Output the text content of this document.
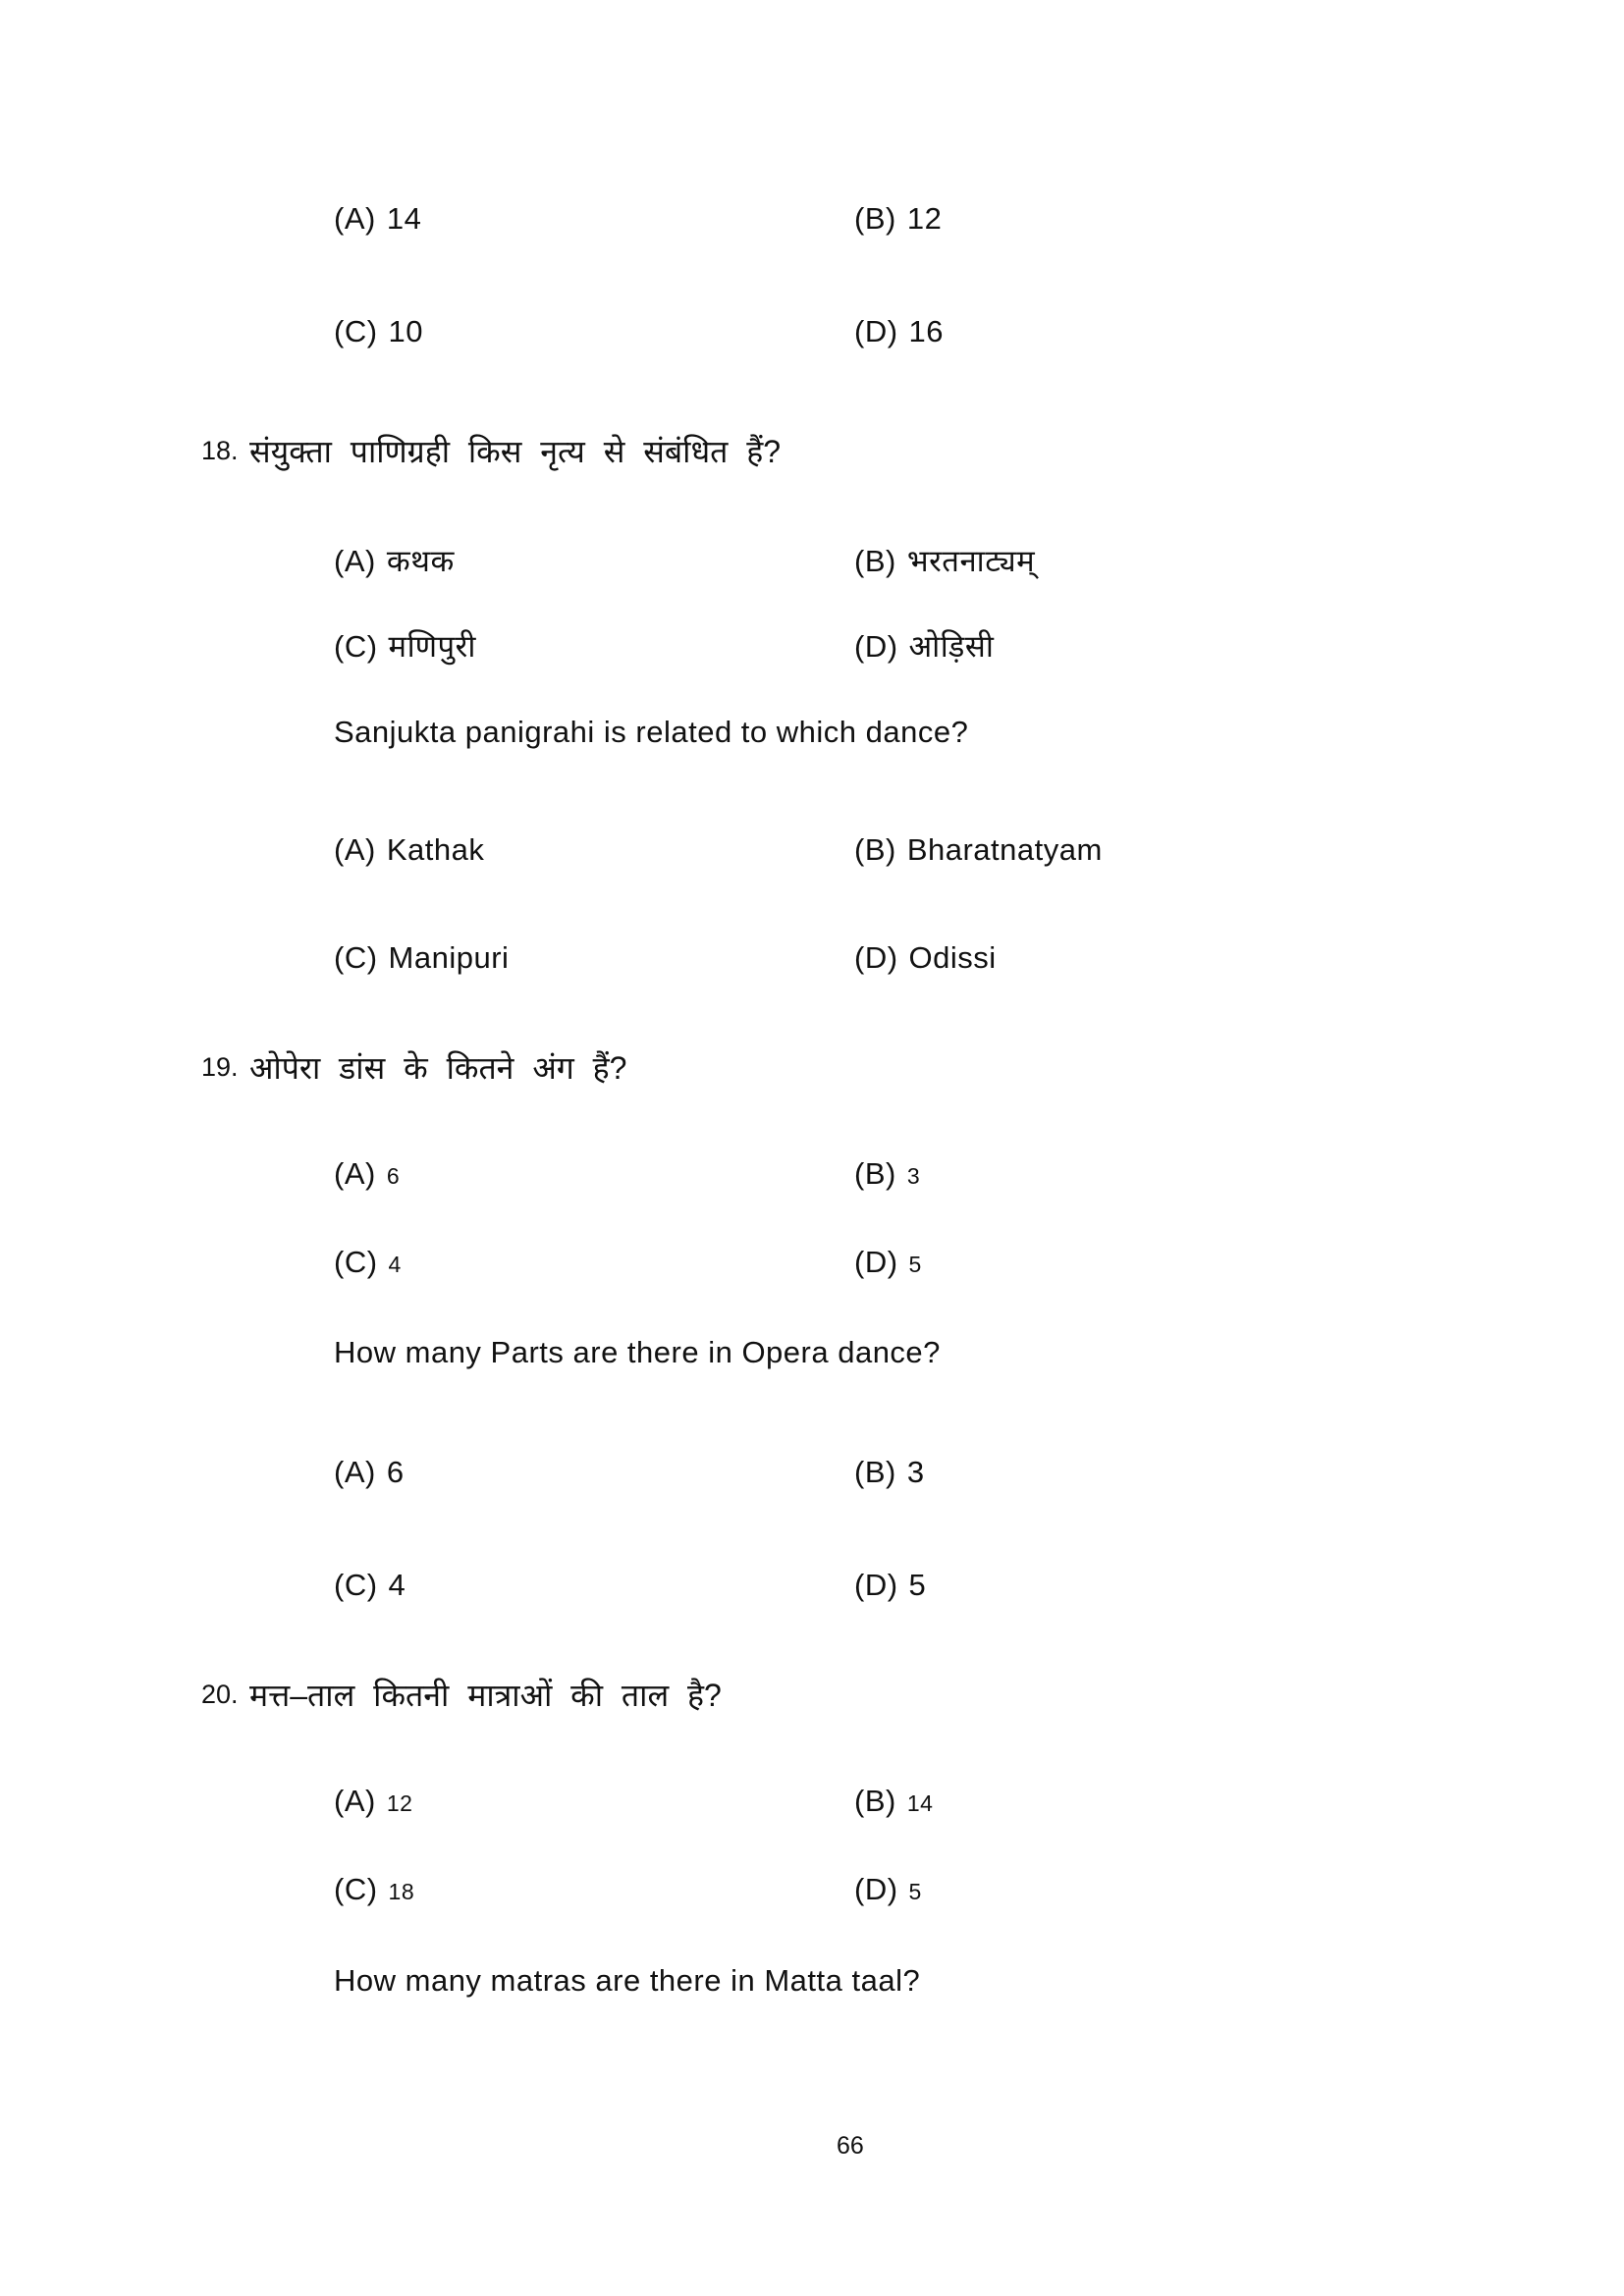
(A) 14	(B) 12
(C) 10	(D) 16
18. संयुक्ता पाणिग्रही किस नृत्य से संबंधित हैं?
(A) कथक	(B) भरतनाट्यम्
(C) मणिपुरी	(D) ओड़िसी
Sanjukta panigrahi is related to which dance?
(A) Kathak	(B) Bharatnatyam
(C) Manipuri	(D) Odissi
19. ओपेरा डांस के कितने अंग हैं?
(A) 6	(B) 3
(C) 4	(D) 5
How many Parts are there in Opera dance?
(A) 6	(B) 3
(C) 4	(D) 5
20. मत्त–ताल कितनी मात्राओं की ताल है?
(A) 12	(B) 14
(C) 18	(D) 5
How many matras are there in Matta taal?
66
